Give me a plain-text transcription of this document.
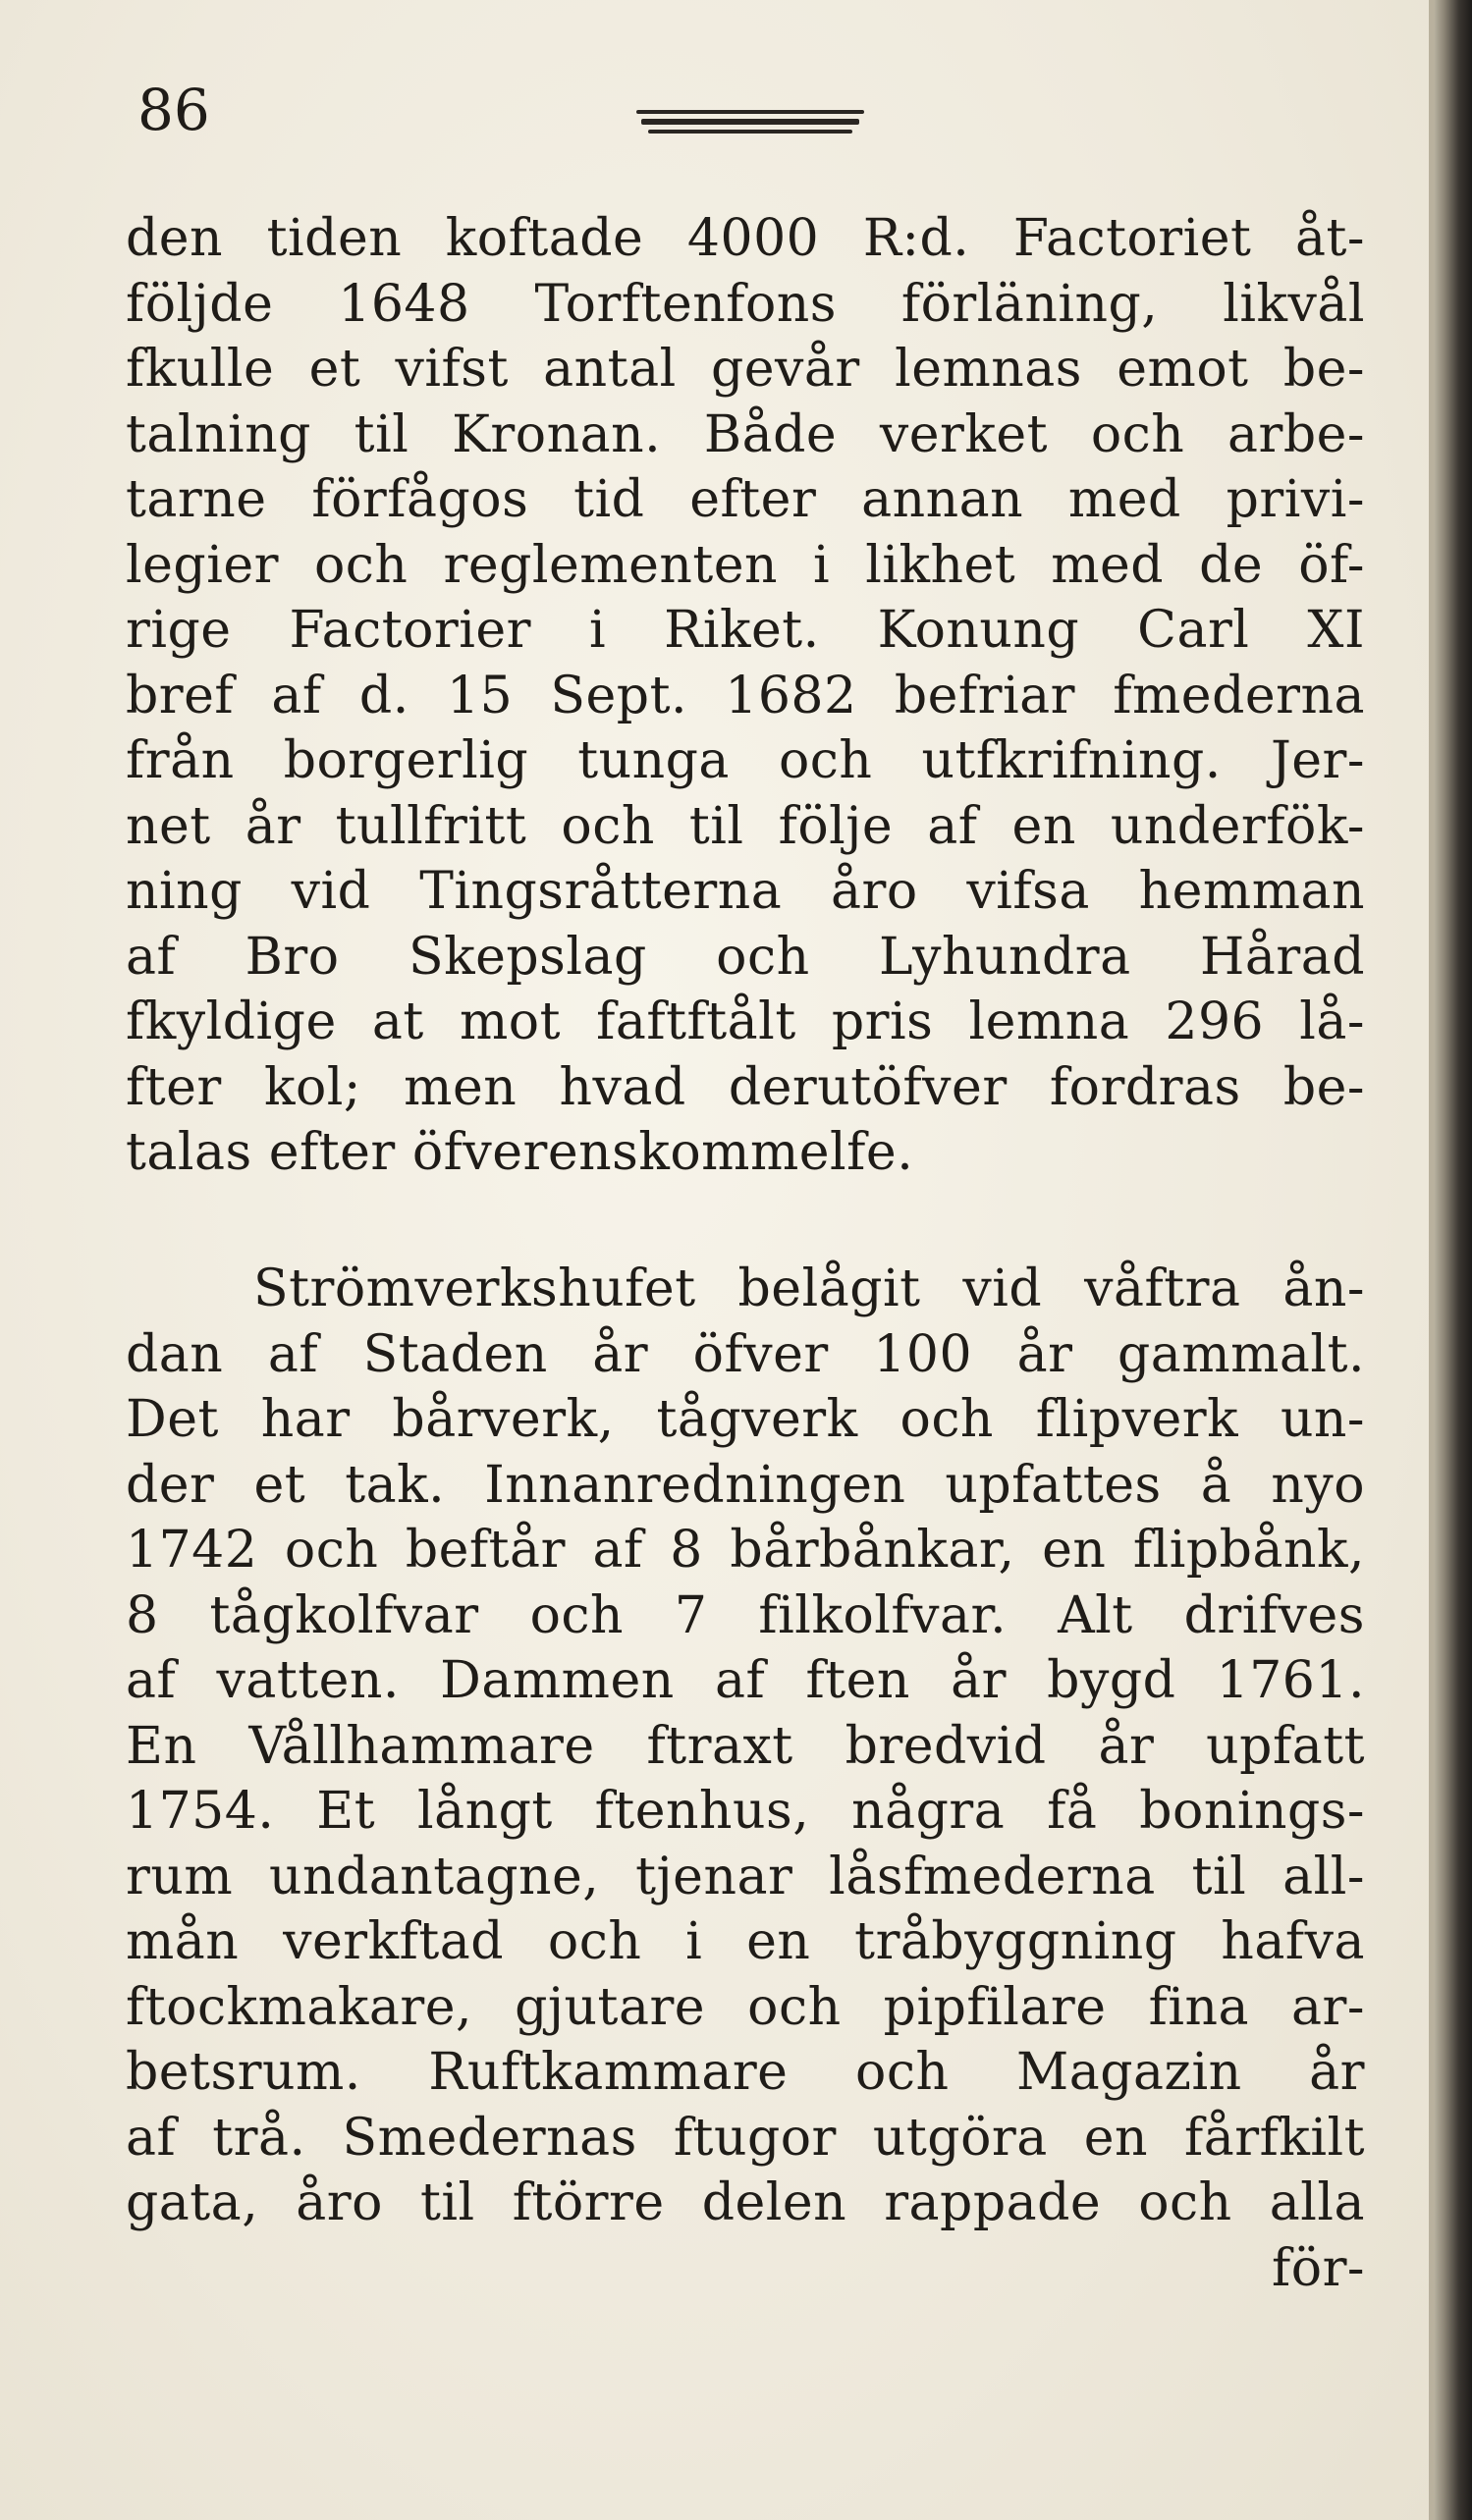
86
den tiden koftade 4000 R:d. Factoriet åt-
följde 1648 Torftenfons förläning, likvål
fkulle et vifst antal gevår lemnas emot be-
talning til Kronan. Både verket och arbe-
tarne förfågos tid efter annan med privi-
legier och reglementen i likhet med de öf-
rige Factorier i Riket. Konung Carl XI
bref af d. 15 Sept. 1682 befriar fmederna
från borgerlig tunga och utfkrifning. Jer-
net år tullfritt och til följe af en underfök-
ning vid Tingsråtterna åro vifsa hemman
af Bro Skepslag och Lyhundra Hårad
fkyldige at mot faftftålt pris lemna 296 lå-
fter kol; men hvad derutöfver fordras be-
talas efter öfverenskommelfe.
Strömverkshufet belågit vid våftra ån-
dan af Staden år öfver 100 år gammalt.
Det har bårverk, tågverk och flipverk un-
der et tak. Innanredningen upfattes å nyo
1742 och beftår af 8 bårbånkar, en flipbånk,
8 tågkolfvar och 7 filkolfvar. Alt drifves
af vatten. Dammen af ften år bygd 1761.
En Vållhammare ftraxt bredvid år upfatt
1754. Et långt ftenhus, några få bonings-
rum undantagne, tjenar låsfmederna til all-
mån verkftad och i en tråbyggning hafva
ftockmakare, gjutare och pipfilare fina ar-
betsrum. Ruftkammare och Magazin år
af trå. Smedernas ftugor utgöra en fårfkilt
gata, åro til ftörre delen rappade och alla
för-
